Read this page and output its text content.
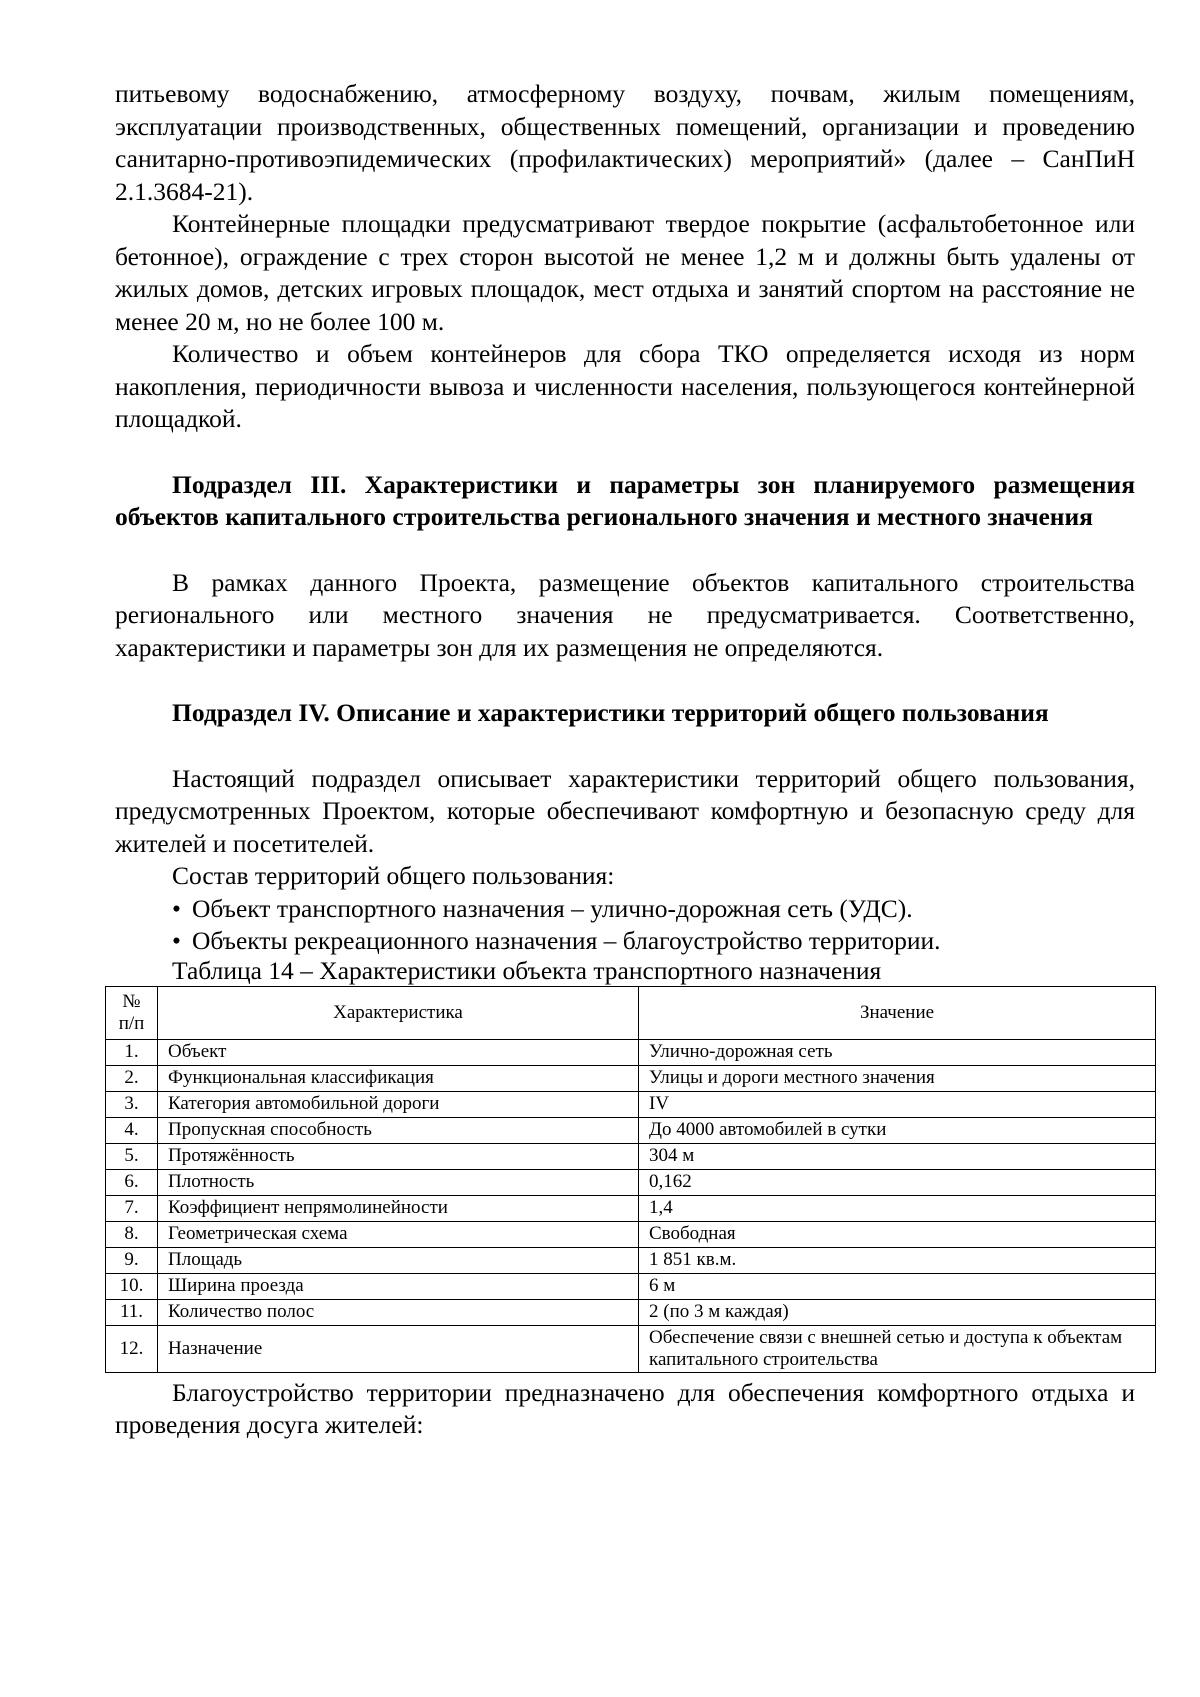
питьевому водоснабжению, атмосферному воздуху, почвам, жилым помещениям, эксплуатации производственных, общественных помещений, организации и проведению санитарно-противоэпидемических (профилактических) мероприятий» (далее – СанПиН 2.1.3684-21).

Контейнерные площадки предусматривают твердое покрытие (асфальтобетонное или бетонное), ограждение с трех сторон высотой не менее 1,2 м и должны быть удалены от жилых домов, детских игровых площадок, мест отдыха и занятий спортом на расстояние не менее 20 м, но не более 100 м.

Количество и объем контейнеров для сбора ТКО определяется исходя из норм накопления, периодичности вывоза и численности населения, пользующегося контейнерной площадкой.

Подраздел III. Характеристики и параметры зон планируемого размещения объектов капитального строительства регионального значения и местного значения

В рамках данного Проекта, размещение объектов капитального строительства регионального или местного значения не предусматривается. Соответственно, характеристики и параметры зон для их размещения не определяются.

Подраздел IV. Описание и характеристики территорий общего пользования

Настоящий подраздел описывает характеристики территорий общего пользования, предусмотренных Проектом, которые обеспечивают комфортную и безопасную среду для жителей и посетителей.

Состав территорий общего пользования:

• Объект транспортного назначения – улично-дорожная сеть (УДС).
• Объекты рекреационного назначения – благоустройство территории.

Таблица 14 – Характеристики объекта транспортного назначения

№
п/п	Характеристика	Значение
1.	Объект	Улично-дорожная сеть
2.	Функциональная классификация	Улицы и дороги местного значения
3.	Категория автомобильной дороги	IV
4.	Пропускная способность	До 4000 автомобилей в сутки
5.	Протяжённость	304 м
6.	Плотность	0,162
7.	Коэффициент непрямолинейности	1,4
8.	Геометрическая схема	Свободная
9.	Площадь	1 851 кв.м.
10.	Ширина проезда	6 м
11.	Количество полос	2 (по 3 м каждая)
12.	Назначение	Обеспечение связи с внешней сетью и доступа к объектам капитального строительства

Благоустройство территории предназначено для обеспечения комфортного отдыха и проведения досуга жителей:
